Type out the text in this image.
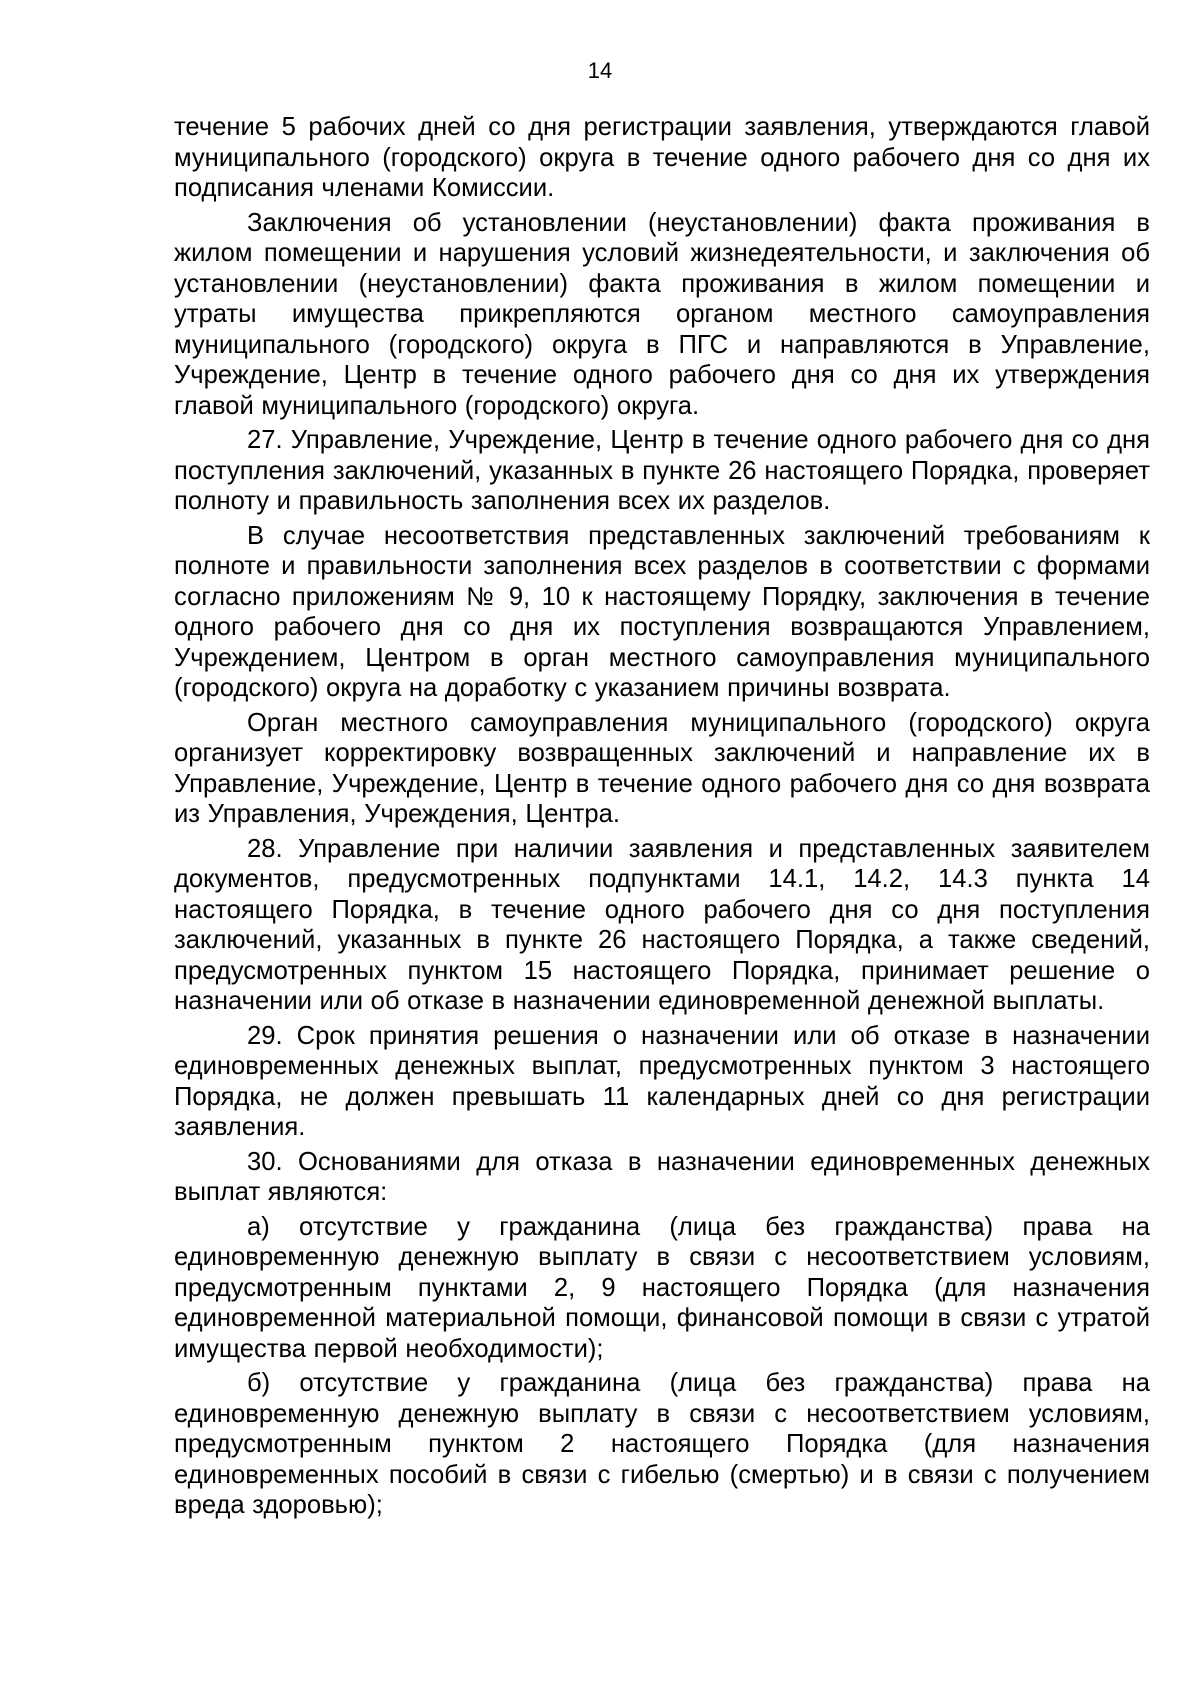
14

течение 5 рабочих дней со дня регистрации заявления, утверждаются главой муниципального (городского) округа в течение одного рабочего дня со дня их подписания членами Комиссии.

Заключения об установлении (неустановлении) факта проживания в жилом помещении и нарушения условий жизнедеятельности, и заключения об установлении (неустановлении) факта проживания в жилом помещении и утраты имущества прикрепляются органом местного самоуправления муниципального (городского) округа в ПГС и направляются в Управление, Учреждение, Центр в течение одного рабочего дня со дня их утверждения главой муниципального (городского) округа.

27. Управление, Учреждение, Центр в течение одного рабочего дня со дня поступления заключений, указанных в пункте 26 настоящего Порядка, проверяет полноту и правильность заполнения всех их разделов.

В случае несоответствия представленных заключений требованиям к полноте и правильности заполнения всех разделов в соответствии с формами согласно приложениям № 9, 10 к настоящему Порядку, заключения в течение одного рабочего дня со дня их поступления возвращаются Управлением, Учреждением, Центром в орган местного самоуправления муниципального (городского) округа на доработку с указанием причины возврата.

Орган местного самоуправления муниципального (городского) округа организует корректировку возвращенных заключений и направление их в Управление, Учреждение, Центр в течение одного рабочего дня со дня возврата из Управления, Учреждения, Центра.

28. Управление при наличии заявления и представленных заявителем документов, предусмотренных подпунктами 14.1, 14.2, 14.3 пункта 14 настоящего Порядка, в течение одного рабочего дня со дня поступления заключений, указанных в пункте 26 настоящего Порядка, а также сведений, предусмотренных пунктом 15 настоящего Порядка, принимает решение о назначении или об отказе в назначении единовременной денежной выплаты.

29. Срок принятия решения о назначении или об отказе в назначении единовременных денежных выплат, предусмотренных пунктом 3 настоящего Порядка, не должен превышать 11 календарных дней со дня регистрации заявления.

30. Основаниями для отказа в назначении единовременных денежных выплат являются:

а) отсутствие у гражданина (лица без гражданства) права на единовременную денежную выплату в связи с несоответствием условиям, предусмотренным пунктами 2, 9 настоящего Порядка (для назначения единовременной материальной помощи, финансовой помощи в связи с утратой имущества первой необходимости);

б) отсутствие у гражданина (лица без гражданства) права на единовременную денежную выплату в связи с несоответствием условиям, предусмотренным пунктом 2 настоящего Порядка (для назначения единовременных пособий в связи с гибелью (смертью) и в связи с получением вреда здоровью);
